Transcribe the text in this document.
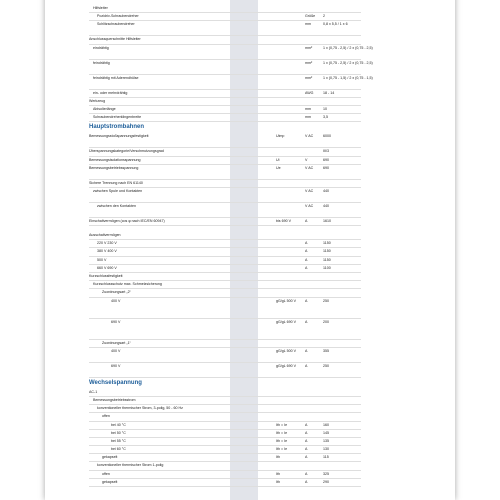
Hilfsleiter
Pozidriv-Schraubendreher	Größe 2
Schlitzschraubendreher	mm	0,8 x 5,5 / 1 x 6
Anschlussquerschnitte Hilfsleiter
eindrähtig	mm²	1 x (0,75 - 2,5) / 2 x (0,75 - 2,5)
feindrähtig	mm²	1 x (0,75 - 2,5) / 2 x (0,75 - 2,5)
feindrähtig mit Aderendhülse	mm²	1 x (0,75 - 1,5) / 2 x (0,75 - 1,5)
ein- oder mehrdrähtig	AWG	18 - 14
Werkzeug
Abisolierlänge	mm	10
Schraubendreherklingenbreite	mm	3,5
Hauptstrombahnen
Bemessungsstoßspannungsfestigkeit	Uimp	V AC	6000
Überspannungskategorie/Verschmutzungsgrad	III/3
Bemessungsisolationsspannung	Ui	V	690
Bemessungsbetriebsspannung	Ue	V AC	690
Sichere Trennung nach EN 61140
zwischen Spule und Kontakten	V AC	440
zwischen den Kontakten	V AC	440
Einschaltvermögen (cos φ nach IEC/EN 60947)	bis 690 V	A	1610
Ausschaltvermögen
220 V 230 V	A	1150
380 V 400 V	A	1150
500 V	A	1150
660 V 690 V	A	1100
Kurzschlussfestigkeit
Kurzschlussschutz max. Schmelzsicherung
Zuordnungsart „2“
400 V	gG/gL 500 V A	250
690 V	gG/gL 690 V A	200
Zuordnungsart „1“
400 V	gG/gL 500 V A	355
690 V	gG/gL 690 V A	250
Wechselspannung
AC-1
Bemessungsbetriebsstrom
konventioneller thermischer Strom, 3-polig, 50 - 60 Hz
offen
bei 40 °C	Ith = Ie	A	160
bei 50 °C	Ith = Ie	A	145
bei 55 °C	Ith = Ie	A	135
bei 60 °C	Ith = Ie	A	130
gekapselt	Ith	A	115
konventioneller thermischer Strom 1-polig
offen	Ith	A	325
gekapselt	Ith	A	290
